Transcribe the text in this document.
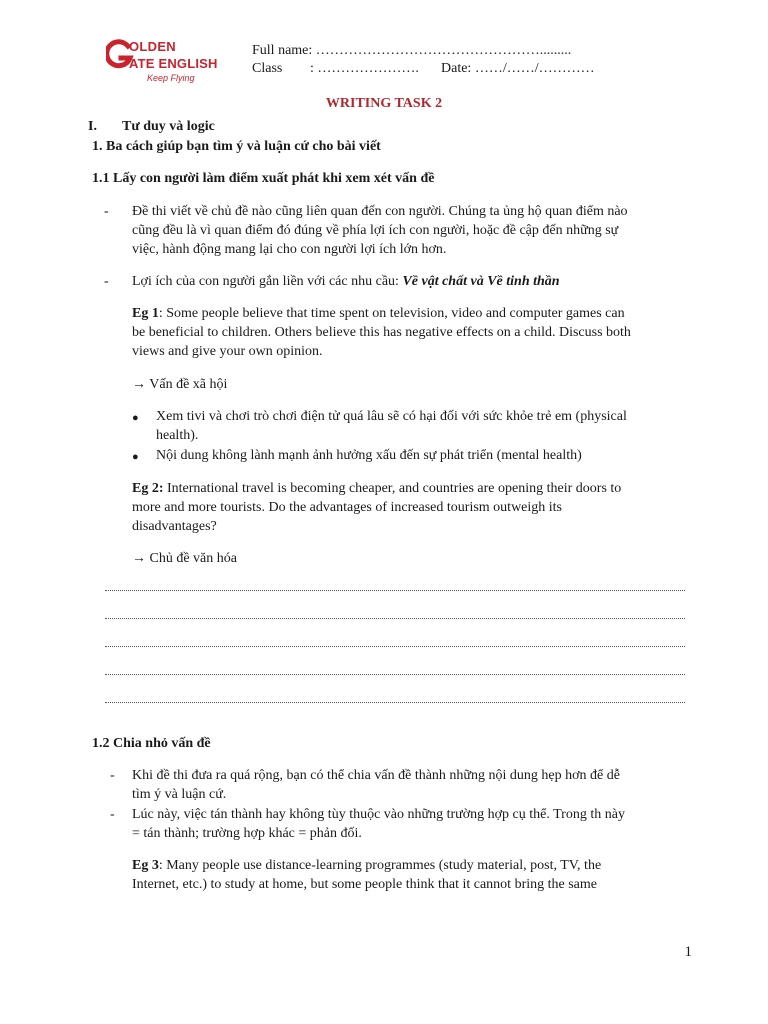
OLDEN
ATE ENGLISH
Keep Flying
Full name: ………………………………………….........
Class : …………………. Date: ……/……/…………
WRITING TASK 2
I. Tư duy và logic
1. Ba cách giúp bạn tìm ý và luận cứ cho bài viết
1.1 Lấy con người làm điểm xuất phát khi xem xét vấn đề
- Đề thi viết về chủ đề nào cũng liên quan đến con người. Chúng ta ủng hộ quan điểm nào
cũng đều là vì quan điểm đó đúng về phía lợi ích con người, hoặc đề cập đến những sự
việc, hành động mang lại cho con người lợi ích lớn hơn.
- Lợi ích của con người gắn liền với các nhu cầu: Về vật chất và Về tinh thần
Eg 1: Some people believe that time spent on television, video and computer games can
be beneficial to children. Others believe this has negative effects on a child. Discuss both
views and give your own opinion.
→ Vấn đề xã hội
● Xem tivi và chơi trò chơi điện tử quá lâu sẽ có hại đối với sức khỏe trẻ em (physical
health).
● Nội dung không lành mạnh ảnh hưởng xấu đến sự phát triển (mental health)
Eg 2: International travel is becoming cheaper, and countries are opening their doors to
more and more tourists. Do the advantages of increased tourism outweigh its
disadvantages?
→ Chủ đề văn hóa
1.2 Chia nhỏ vấn đề
- Khi đề thi đưa ra quá rộng, bạn có thể chia vấn đề thành những nội dung hẹp hơn để dễ
tìm ý và luận cứ.
- Lúc này, việc tán thành hay không tùy thuộc vào những trường hợp cụ thể. Trong th này
= tán thành; trường hợp khác = phản đối.
Eg 3: Many people use distance-learning programmes (study material, post, TV, the
Internet, etc.) to study at home, but some people think that it cannot bring the same
1
